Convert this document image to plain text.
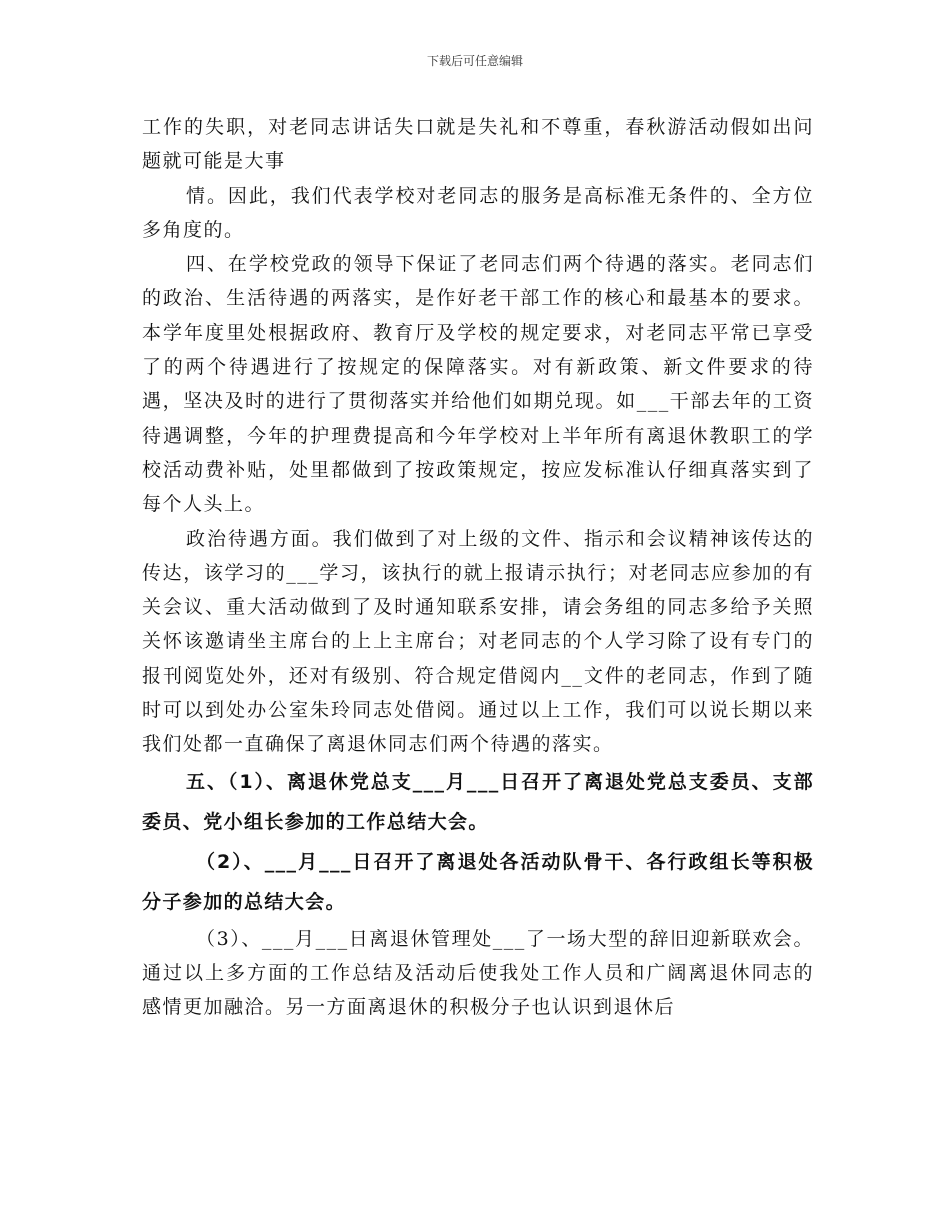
下载后可任意编辑

工作的失职，对老同志讲话失口就是失礼和不尊重，春秋游活动假如出问题就可能是大事

情。因此，我们代表学校对老同志的服务是高标准无条件的、全方位多角度的。

四、在学校党政的领导下保证了老同志们两个待遇的落实。老同志们的政治、生活待遇的两落实，是作好老干部工作的核心和最基本的要求。本学年度里处根据政府、教育厅及学校的规定要求，对老同志平常已享受了的两个待遇进行了按规定的保障落实。对有新政策、新文件要求的待遇，坚决及时的进行了贯彻落实并给他们如期兑现。如___干部去年的工资待遇调整，今年的护理费提高和今年学校对上半年所有离退休教职工的学校活动费补贴，处里都做到了按政策规定，按应发标准认仔细真落实到了每个人头上。

政治待遇方面。我们做到了对上级的文件、指示和会议精神该传达的传达，该学习的___学习，该执行的就上报请示执行；对老同志应参加的有关会议、重大活动做到了及时通知联系安排，请会务组的同志多给予关照关怀该邀请坐主席台的上上主席台；对老同志的个人学习除了设有专门的报刊阅览处外，还对有级别、符合规定借阅内__文件的老同志，作到了随时可以到处办公室朱玲同志处借阅。通过以上工作，我们可以说长期以来我们处都一直确保了离退休同志们两个待遇的落实。

五、（1）、离退休党总支___月___日召开了离退处党总支委员、支部委员、党小组长参加的工作总结大会。

（2）、___月___日召开了离退处各活动队骨干、各行政组长等积极分子参加的总结大会。

（3）、___月___日离退休管理处___了一场大型的辞旧迎新联欢会。通过以上多方面的工作总结及活动后使我处工作人员和广阔离退休同志的感情更加融洽。另一方面离退休的积极分子也认识到退休后
